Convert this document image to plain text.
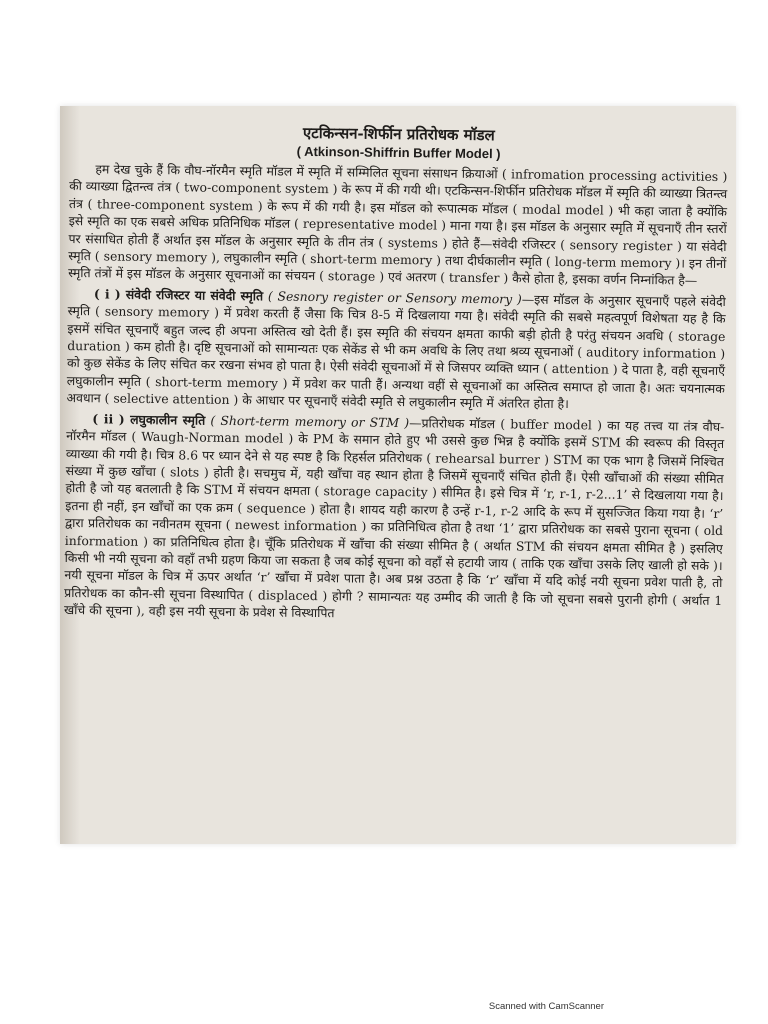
एटकिन्सन-शिर्फीन प्रतिरोधक मॉडल

( Atkinson-Shiffrin Buffer Model )

हम देख चुके हैं कि वौघ-नॉरमैन स्मृति मॉडल में स्मृति में सम्मिलित सूचना संसाधन क्रियाओं ( infromation processing activities ) की व्याख्या द्वितन्त्व तंत्र ( two-component system ) के रूप में की गयी थी। एटकिन्सन-शिर्फीन प्रतिरोधक मॉडल में स्मृति की व्याख्या त्रितन्त्व तंत्र ( three-component system ) के रूप में की गयी है। इस मॉडल को रूपात्मक मॉडल ( modal model ) भी कहा जाता है क्योंकि इसे स्मृति का एक सबसे अधिक प्रतिनिधिक मॉडल ( representative model ) माना गया है। इस मॉडल के अनुसार स्मृति में सूचनाएँ तीन स्तरों पर संसाधित होती हैं अर्थात इस मॉडल के अनुसार स्मृति के तीन तंत्र ( systems ) होते हैं—संवेदी रजिस्टर ( sensory register ) या संवेदी स्मृति ( sensory memory ), लघुकालीन स्मृति ( short-term memory ) तथा दीर्घकालीन स्मृति ( long-term memory )। इन तीनों स्मृति तंत्रों में इस मॉडल के अनुसार सूचनाओं का संचयन ( storage ) एवं अतरण ( transfer ) कैसे होता है, इसका वर्णन निम्नांकित है—

( i ) संवेदी रजिस्टर या संवेदी स्मृति ( Sesnory register or Sensory memory )—इस मॉडल के अनुसार सूचनाएँ पहले संवेदी स्मृति ( sensory memory ) में प्रवेश करती हैं जैसा कि चित्र 8-5 में दिखलाया गया है। संवेदी स्मृति की सबसे महत्वपूर्ण विशेषता यह है कि इसमें संचित सूचनाएँ बहुत जल्द ही अपना अस्तित्व खो देती हैं। इस स्मृति की संचयन क्षमता काफी बड़ी होती है परंतु संचयन अवधि ( storage duration ) कम होती है। दृष्टि सूचनाओं को सामान्यतः एक सेकेंड से भी कम अवधि के लिए तथा श्रव्य सूचनाओं ( auditory information ) को कुछ सेकेंड के लिए संचित कर रखना संभव हो पाता है। ऐसी संवेदी सूचनाओं में से जिसपर व्यक्ति ध्यान ( attention ) दे पाता है, वही सूचनाएँ लघुकालीन स्मृति ( short-term memory ) में प्रवेश कर पाती हैं। अन्यथा वहीं से सूचनाओं का अस्तित्व समाप्त हो जाता है। अतः चयनात्मक अवधान ( selective attention ) के आधार पर सूचनाएँ संवेदी स्मृति से लघुकालीन स्मृति में अंतरित होता है।

( ii ) लघुकालीन स्मृति ( Short-term memory or STM )—प्रतिरोधक मॉडल ( buffer model ) का यह तत्त्व या तंत्र वौघ-नॉरमैन मॉडल ( Waugh-Norman model ) के PM के समान होते हुए भी उससे कुछ भिन्न है क्योंकि इसमें STM की स्वरूप की विस्तृत व्याख्या की गयी है। चित्र 8.6 पर ध्यान देने से यह स्पष्ट है कि रिहर्सल प्रतिरोधक ( rehearsal burrer ) STM का एक भाग है जिसमें निश्चित संख्या में कुछ खाँचा ( slots ) होती है। सचमुच में, यही खाँचा वह स्थान होता है जिसमें सूचनाएँ संचित होती हैं। ऐसी खाँचाओं की संख्या सीमित होती है जो यह बतलाती है कि STM में संचयन क्षमता ( storage capacity ) सीमित है। इसे चित्र में ‘r, r-1, r-2...1’ से दिखलाया गया है। इतना ही नहीं, इन खाँचों का एक क्रम ( sequence ) होता है। शायद यही कारण है उन्हें r-1, r-2 आदि के रूप में सुसज्जित किया गया है। ‘r’ द्वारा प्रतिरोधक का नवीनतम सूचना ( newest information ) का प्रतिनिधित्व होता है तथा ‘1’ द्वारा प्रतिरोधक का सबसे पुराना सूचना ( old information ) का प्रतिनिधित्व होता है। चूँकि प्रतिरोधक में खाँचा की संख्या सीमित है ( अर्थात STM की संचयन क्षमता सीमित है ) इसलिए किसी भी नयी सूचना को वहाँ तभी ग्रहण किया जा सकता है जब कोई सूचना को वहाँ से हटायी जाय ( ताकि एक खाँचा उसके लिए खाली हो सके )। नयी सूचना मॉडल के चित्र में ऊपर अर्थात ‘r’ खाँचा में प्रवेश पाता है। अब प्रश्न उठता है कि ‘r’ खाँचा में यदि कोई नयी सूचना प्रवेश पाती है, तो प्रतिरोधक का कौन-सी सूचना विस्थापित ( displaced ) होगी ? सामान्यतः यह उम्मीद की जाती है कि जो सूचना सबसे पुरानी होगी ( अर्थात 1 खाँचे की सूचना ), वही इस नयी सूचना के प्रवेश से विस्थापित

Scanned with CamScanner
